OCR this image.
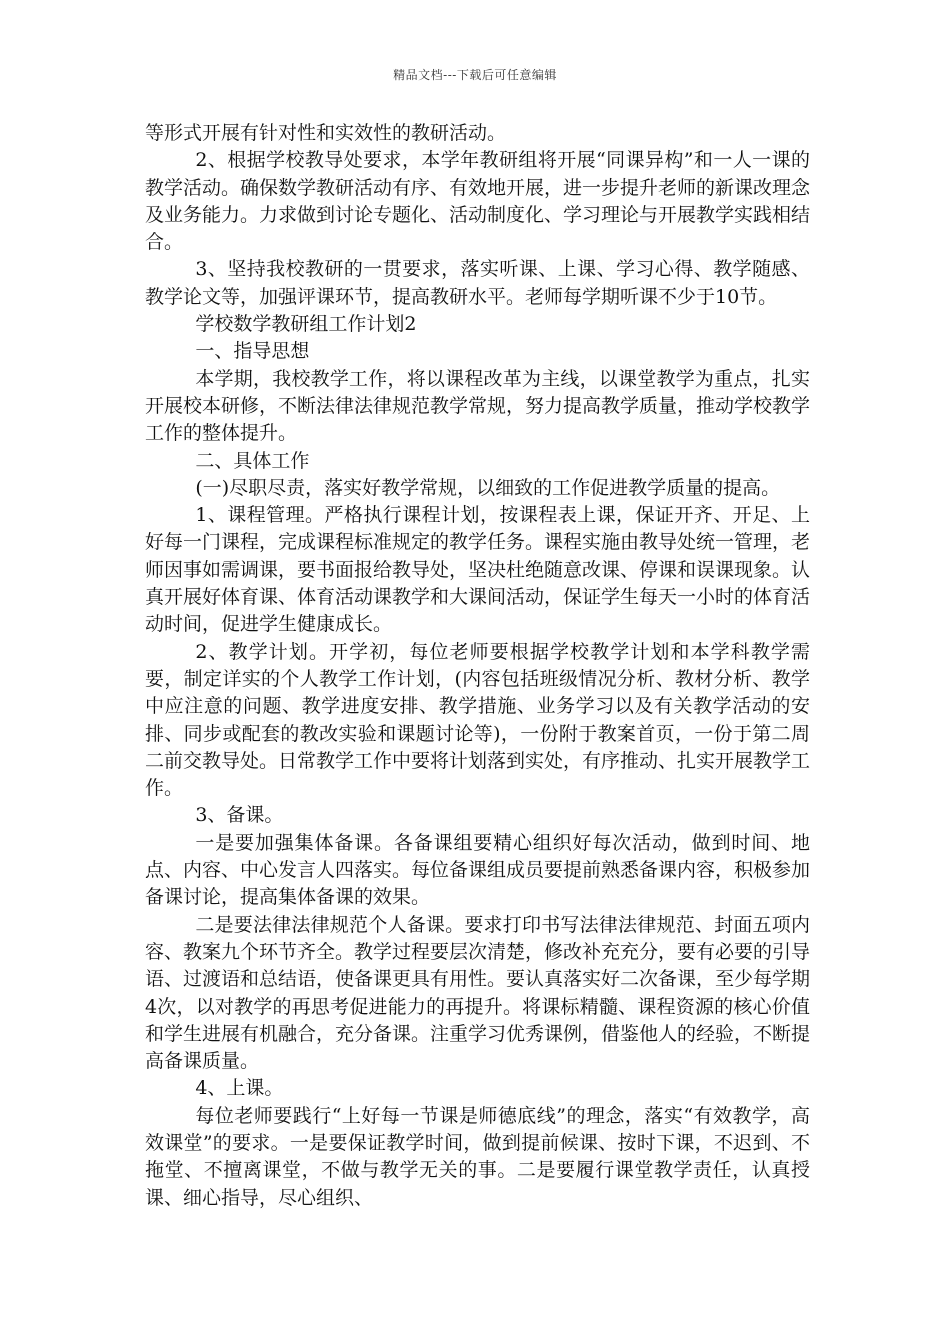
精品文档---下载后可任意编辑

等形式开展有针对性和实效性的教研活动。

2、根据学校教导处要求，本学年教研组将开展“同课异构”和一人一课的教学活动。确保数学教研活动有序、有效地开展，进一步提升老师的新课改理念及业务能力。力求做到讨论专题化、活动制度化、学习理论与开展教学实践相结合。

3、坚持我校教研的一贯要求，落实听课、上课、学习心得、教学随感、教学论文等，加强评课环节，提高教研水平。老师每学期听课不少于10节。

学校数学教研组工作计划2

一、指导思想

本学期，我校教学工作，将以课程改革为主线，以课堂教学为重点，扎实开展校本研修，不断法律法律规范教学常规，努力提高教学质量，推动学校教学工作的整体提升。

二、具体工作

(一)尽职尽责，落实好教学常规，以细致的工作促进教学质量的提高。

1、课程管理。严格执行课程计划，按课程表上课，保证开齐、开足、上好每一门课程，完成课程标准规定的教学任务。课程实施由教导处统一管理，老师因事如需调课，要书面报给教导处，坚决杜绝随意改课、停课和误课现象。认真开展好体育课、体育活动课教学和大课间活动，保证学生每天一小时的体育活动时间，促进学生健康成长。

2、教学计划。开学初，每位老师要根据学校教学计划和本学科教学需要，制定详实的个人教学工作计划，(内容包括班级情况分析、教材分析、教学中应注意的问题、教学进度安排、教学措施、业务学习以及有关教学活动的安排、同步或配套的教改实验和课题讨论等)，一份附于教案首页，一份于第二周二前交教导处。日常教学工作中要将计划落到实处，有序推动、扎实开展教学工作。

3、备课。

一是要加强集体备课。各备课组要精心组织好每次活动，做到时间、地点、内容、中心发言人四落实。每位备课组成员要提前熟悉备课内容，积极参加备课讨论，提高集体备课的效果。

二是要法律法律规范个人备课。要求打印书写法律法律规范、封面五项内容、教案九个环节齐全。教学过程要层次清楚，修改补充充分，要有必要的引导语、过渡语和总结语，使备课更具有用性。要认真落实好二次备课，至少每学期4次，以对教学的再思考促进能力的再提升。将课标精髓、课程资源的核心价值和学生进展有机融合，充分备课。注重学习优秀课例，借鉴他人的经验，不断提高备课质量。

4、上课。

每位老师要践行“上好每一节课是师德底线”的理念，落实“有效教学，高效课堂”的要求。一是要保证教学时间，做到提前候课、按时下课，不迟到、不拖堂、不擅离课堂，不做与教学无关的事。二是要履行课堂教学责任，认真授课、细心指导，尽心组织、
